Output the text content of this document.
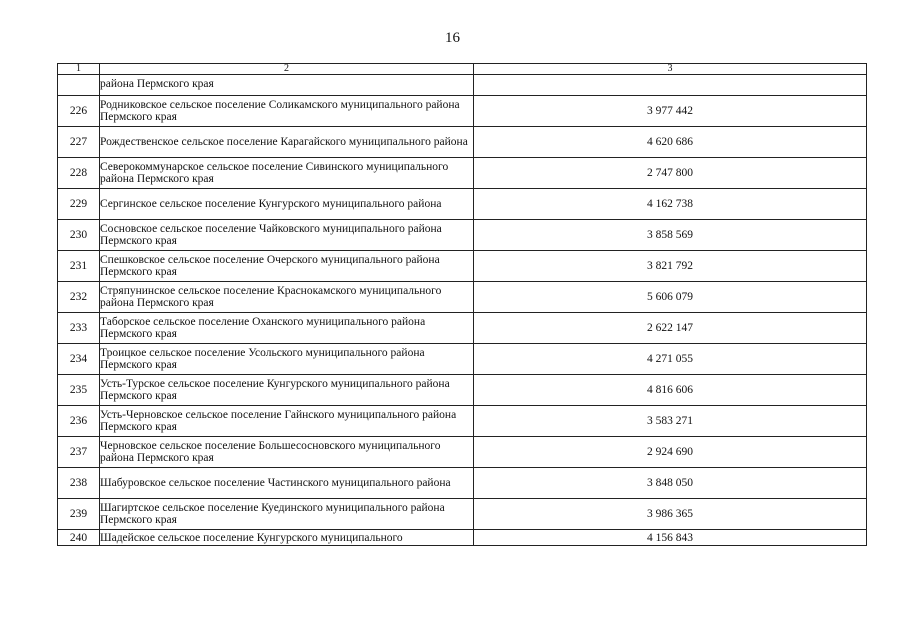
16
1	2	3
	района Пермского края	
226	Родниковское сельское поселение Соликамского муниципального района Пермского края	3 977 442
227	Рождественское сельское поселение Карагайского муниципального района	4 620 686
228	Северокоммунарское сельское поселение Сивинского муниципального района Пермского края	2 747 800
229	Сергинское сельское поселение Кунгурского муниципального района	4 162 738
230	Сосновское сельское поселение Чайковского муниципального района Пермского края	3 858 569
231	Спешковское сельское поселение Очерского муниципального района Пермского края	3 821 792
232	Стряпунинское сельское поселение Краснокамского муниципального района Пермского края	5 606 079
233	Таборское сельское поселение Оханского муниципального района Пермского края	2 622 147
234	Троицкое сельское поселение Усольского муниципального района Пермского края	4 271 055
235	Усть-Турское сельское поселение Кунгурского муниципального района Пермского края	4 816 606
236	Усть-Черновское сельское поселение Гайнского муниципального района Пермского края	3 583 271
237	Черновское сельское поселение Большесосновского муниципального района Пермского края	2 924 690
238	Шабуровское сельское поселение Частинского муниципального района	3 848 050
239	Шагиртское сельское поселение Куединского муниципального района Пермского края	3 986 365
240	Шадейское сельское поселение Кунгурского муниципального	4 156 843
